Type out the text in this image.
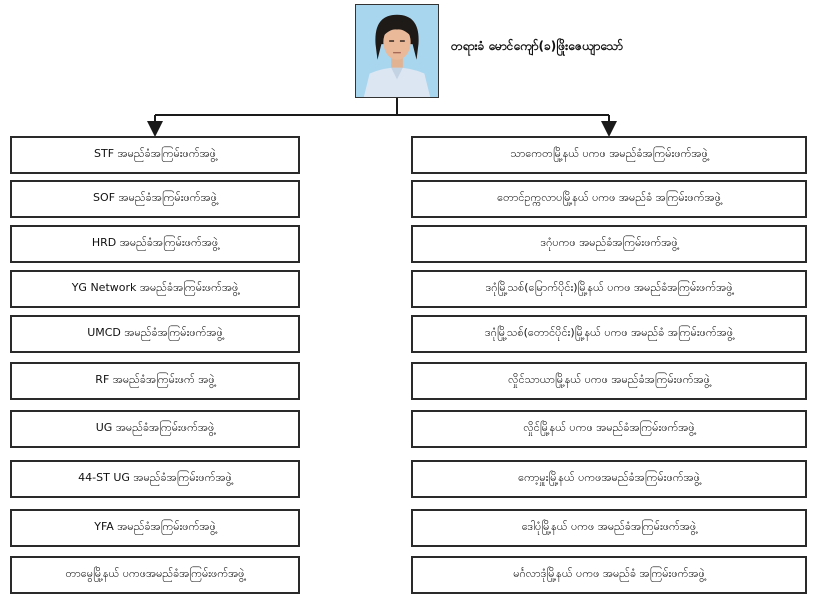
တရားခံ မောင်ကျော်(ခ)ဖြိုးဇေယျာသော်
STF အမည်ခံအကြမ်းဖက်အဖွဲ့
SOF အမည်ခံအကြမ်းဖက်အဖွဲ့
HRD အမည်ခံအကြမ်းဖက်အဖွဲ့
YG Network အမည်ခံအကြမ်းဖက်အဖွဲ့
UMCD အမည်ခံအကြမ်းဖက်အဖွဲ့
RF အမည်ခံအကြမ်းဖက် အဖွဲ့
UG အမည်ခံအကြမ်းဖက်အဖွဲ့
44-ST UG အမည်ခံအကြမ်းဖက်အဖွဲ့
YFA အမည်ခံအကြမ်းဖက်အဖွဲ့
တာမွေမြို့နယ် ပကဖအမည်ခံအကြမ်းဖက်အဖွဲ့
သာကေတမြို့နယ် ပကဖ အမည်ခံအကြမ်းဖက်အဖွဲ့
တောင်ဥက္ကလာပမြို့နယ် ပကဖ အမည်ခံ အကြမ်းဖက်အဖွဲ့
ဒဂုံပကဖ အမည်ခံအကြမ်းဖက်အဖွဲ့
ဒဂုံမြို့သစ်(မြောက်ပိုင်း)မြို့နယ် ပကဖ အမည်ခံအကြမ်းဖက်အဖွဲ့
ဒဂုံမြို့သစ်(တောင်ပိုင်း)မြို့နယ် ပကဖ အမည်ခံ အကြမ်းဖက်အဖွဲ့
လှိုင်သာယာမြို့နယ် ပကဖ အမည်ခံအကြမ်းဖက်အဖွဲ့
လှိုင်မြို့နယ် ပကဖ အမည်ခံအကြမ်းဖက်အဖွဲ့
ကော့မှူးမြို့နယ် ပကဖအမည်ခံအကြမ်းဖက်အဖွဲ့
ဒေါပုံမြို့နယ် ပကဖ အမည်ခံအကြမ်းဖက်အဖွဲ့
မင်္ဂလာဒုံမြို့နယ် ပကဖ အမည်ခံ အကြမ်းဖက်အဖွဲ့
